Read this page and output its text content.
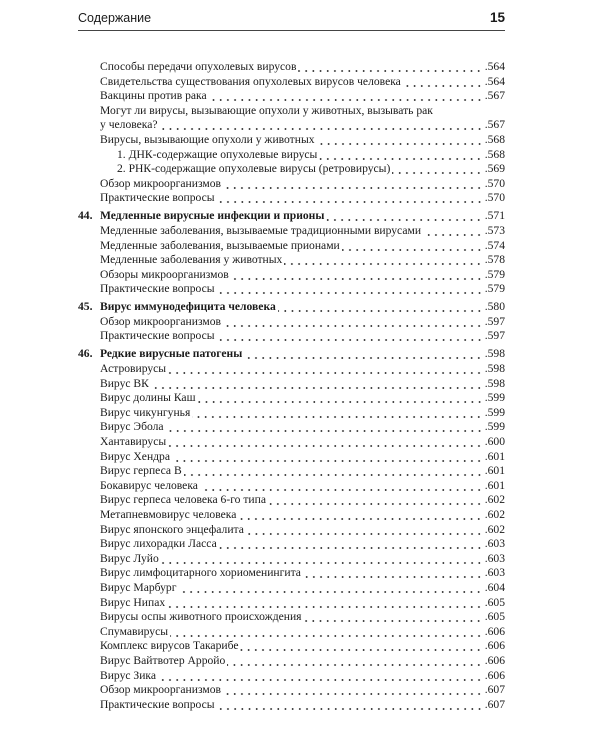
Содержание	15
Способы передачи опухолевых вирусов	. 564
Свидетельства существования опухолевых вирусов человека	. 564
Вакцины против рака	. 567
Могут ли вирусы, вызывающие опухоли у животных, вызывать рак
у человека?	. 567
Вирусы, вызывающие опухоли у животных	. 568
1. ДНК-содержащие опухолевые вирусы	. 568
2. РНК-содержащие опухолевые вирусы (ретровирусы)	. 569
Обзор микроорганизмов	. 570
Практические вопросы	. 570
44. Медленные вирусные инфекции и прионы	. 571
Медленные заболевания, вызываемые традиционными вирусами	. 573
Медленные заболевания, вызываемые прионами	. 574
Медленные заболевания у животных	. 578
Обзоры микроорганизмов	. 579
Практические вопросы	. 579
45. Вирус иммунодефицита человека	. 580
Обзор микроорганизмов	. 597
Практические вопросы	. 597
46. Редкие вирусные патогены	. 598
Астровирусы	. 598
Вирус ВК	. 598
Вирус долины Каш	. 599
Вирус чикунгунья	. 599
Вирус Эбола	. 599
Хантавирусы	. 600
Вирус Хендра	. 601
Вирус герпеса В	. 601
Бокавирус человека	. 601
Вирус герпеса человека 6-го типа	. 602
Метапневмовирус человека	. 602
Вирус японского энцефалита	. 602
Вирус лихорадки Ласса	. 603
Вирус Луйо	. 603
Вирус лимфоцитарного хориоменингита	. 603
Вирус Марбург	. 604
Вирус Нипах	. 605
Вирусы оспы животного происхождения	. 605
Спумавирусы	. 606
Комплекс вирусов Такарибе	. 606
Вирус Вайтвотер Арройо	. 606
Вирус Зика	. 606
Обзор микроорганизмов	. 607
Практические вопросы	. 607
